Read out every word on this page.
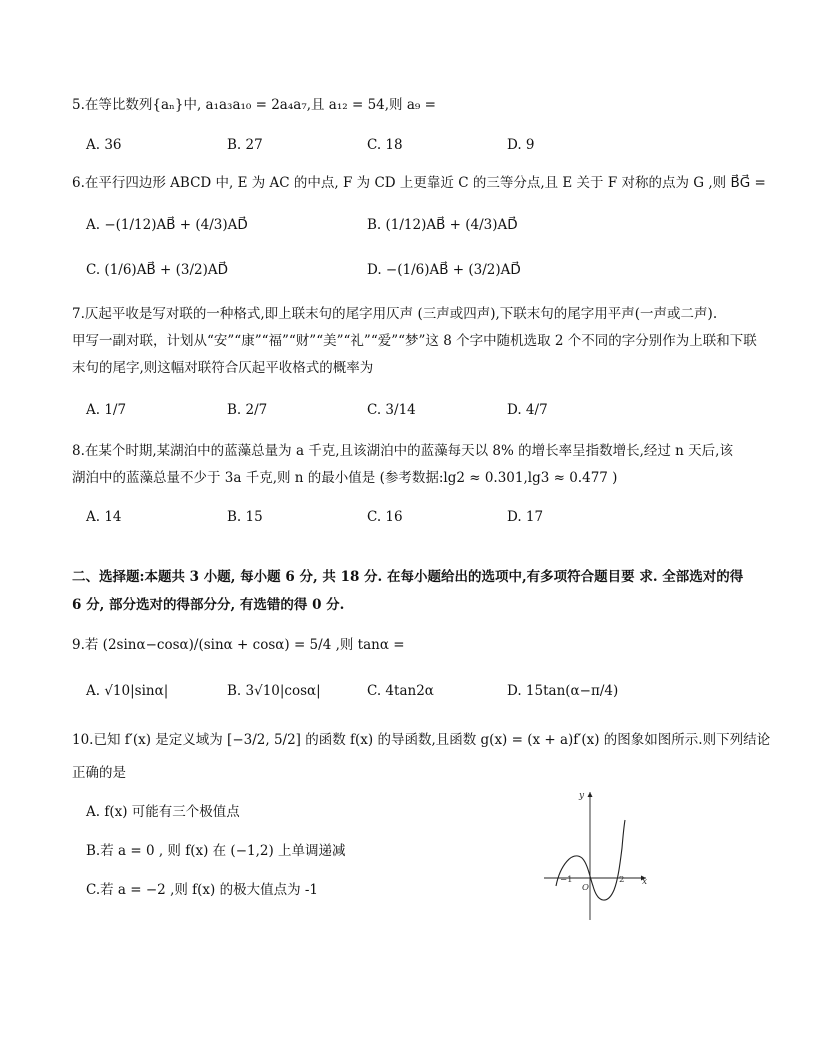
5.在等比数列{aₙ}中, a₁a₃a₁₀ = 2a₄a₇,且 a₁₂ = 54,则 a₉ =
A. 36	B. 27	C. 18	D. 9
6.在平行四边形 ABCD 中, E 为 AC 的中点, F 为 CD 上更靠近 C 的三等分点,且 E 关于 F 对称的点为 G ,则 B⃗G⃗ =
A. −(1/12)AB⃗ + (4/3)AD⃗	B. (1/12)AB⃗ + (4/3)AD⃗
C. (1/6)AB⃗ + (3/2)AD⃗	D. −(1/6)AB⃗ + (3/2)AD⃗
7.仄起平收是写对联的一种格式,即上联末句的尾字用仄声 (三声或四声),下联末句的尾字用平声(一声或二声).
甲写一副对联，计划从“安”“康”“福”“财”“美”“礼”“爱”“梦”这 8 个字中随机选取 2 个不同的字分别作为上联和下联
末句的尾字,则这幅对联符合仄起平收格式的概率为
A. 1/7	B. 2/7	C. 3/14	D. 4/7
8.在某个时期,某湖泊中的蓝藻总量为 a 千克,且该湖泊中的蓝藻每天以 8% 的增长率呈指数增长,经过 n 天后,该
湖泊中的蓝藻总量不少于 3a 千克,则 n 的最小值是 (参考数据:lg2 ≈ 0.301,lg3 ≈ 0.477 )
A. 14	B. 15	C. 16	D. 17
二、选择题:本题共 3 小题, 每小题 6 分, 共 18 分. 在每小题给出的选项中,有多项符合题目要 求. 全部选对的得
6 分, 部分选对的得部分分, 有选错的得 0 分.
9.若 (2sinα−cosα)/(sinα + cosα) = 5/4 ,则 tanα =
A. √10|sinα|	B. 3√10|cosα|	C. 4tan2α	D. 15tan(α−π/4)
10.已知 f′(x) 是定义域为 [−3/2, 5/2] 的函数 f(x) 的导函数,且函数 g(x) = (x + a)f′(x) 的图象如图所示.则下列结论
正确的是
A. f(x) 可能有三个极值点
B.若 a = 0 , 则 f(x) 在 (−1,2) 上单调递减
C.若 a = −2 ,则 f(x) 的极大值点为 -1
y
x
−1
O
2
